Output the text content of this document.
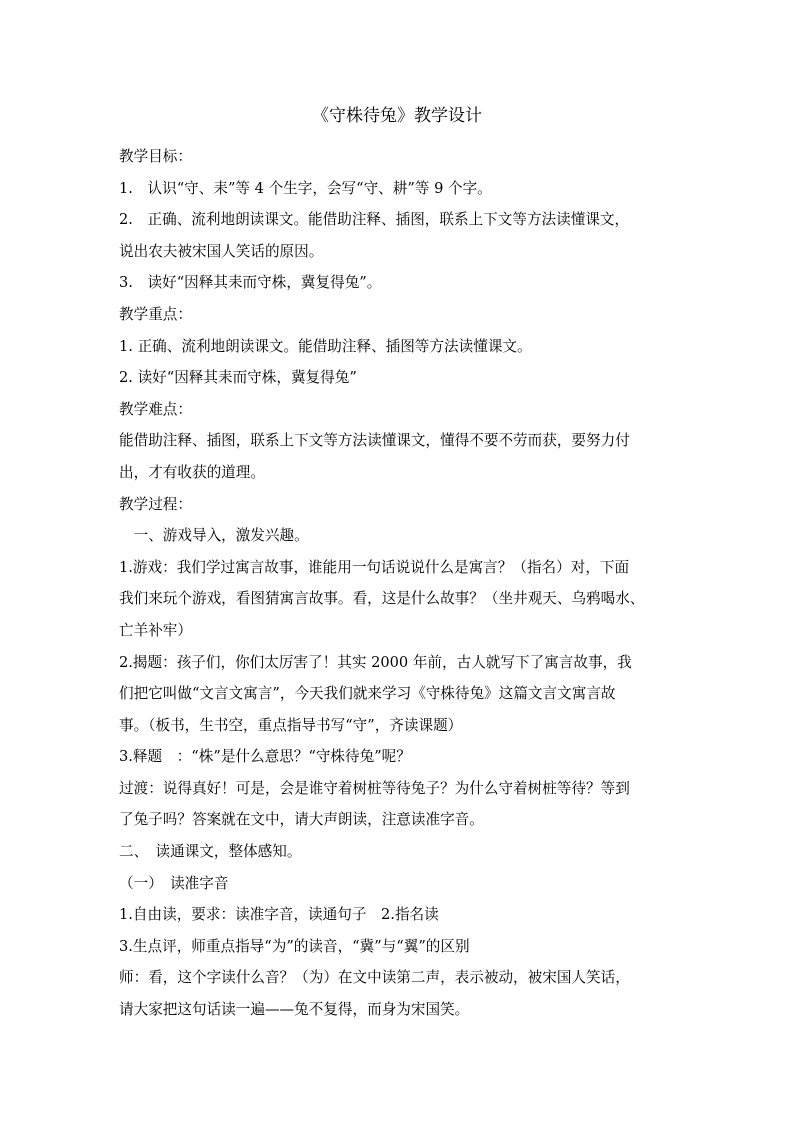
《守株待兔》教学设计
教学目标：
1.　认识“守、耒”等 4 个生字，会写“守、耕”等 9 个字。
2.　正确、流利地朗读课文。能借助注释、插图，联系上下文等方法读懂课文，
说出农夫被宋国人笑话的原因。
3.　读好“因释其耒而守株，冀复得兔”。
教学重点：
1. 正确、流利地朗读课文。能借助注释、插图等方法读懂课文。
2. 读好“因释其耒而守株，冀复得兔”
教学难点：
能借助注释、插图，联系上下文等方法读懂课文，懂得不要不劳而获，要努力付
出，才有收获的道理。
教学过程：
　一、游戏导入，激发兴趣。
1.游戏：我们学过寓言故事，谁能用一句话说说什么是寓言？（指名）对，下面
我们来玩个游戏，看图猜寓言故事。看，这是什么故事？（坐井观天、乌鸦喝水、
亡羊补牢）
2.揭题：孩子们，你们太厉害了！其实 2000 年前，古人就写下了寓言故事，我
们把它叫做“文言文寓言”，今天我们就来学习《守株待兔》这篇文言文寓言故
事。（板书，生书空，重点指导书写“守”，齐读课题）
3.释题　：“株”是什么意思？“守株待兔”呢？
过渡：说得真好！可是，会是谁守着树桩等待兔子？为什么守着树桩等待？等到
了兔子吗？答案就在文中，请大声朗读，注意读准字音。
二、　读通课文，整体感知。
（一）　读准字音
1.自由读，要求：读准字音，读通句子　2.指名读
3.生点评，师重点指导“为”的读音，“冀”与“翼”的区别
师：看，这个字读什么音？（为）在文中读第二声，表示被动，被宋国人笑话，
请大家把这句话读一遍——兔不复得，而身为宋国笑。
